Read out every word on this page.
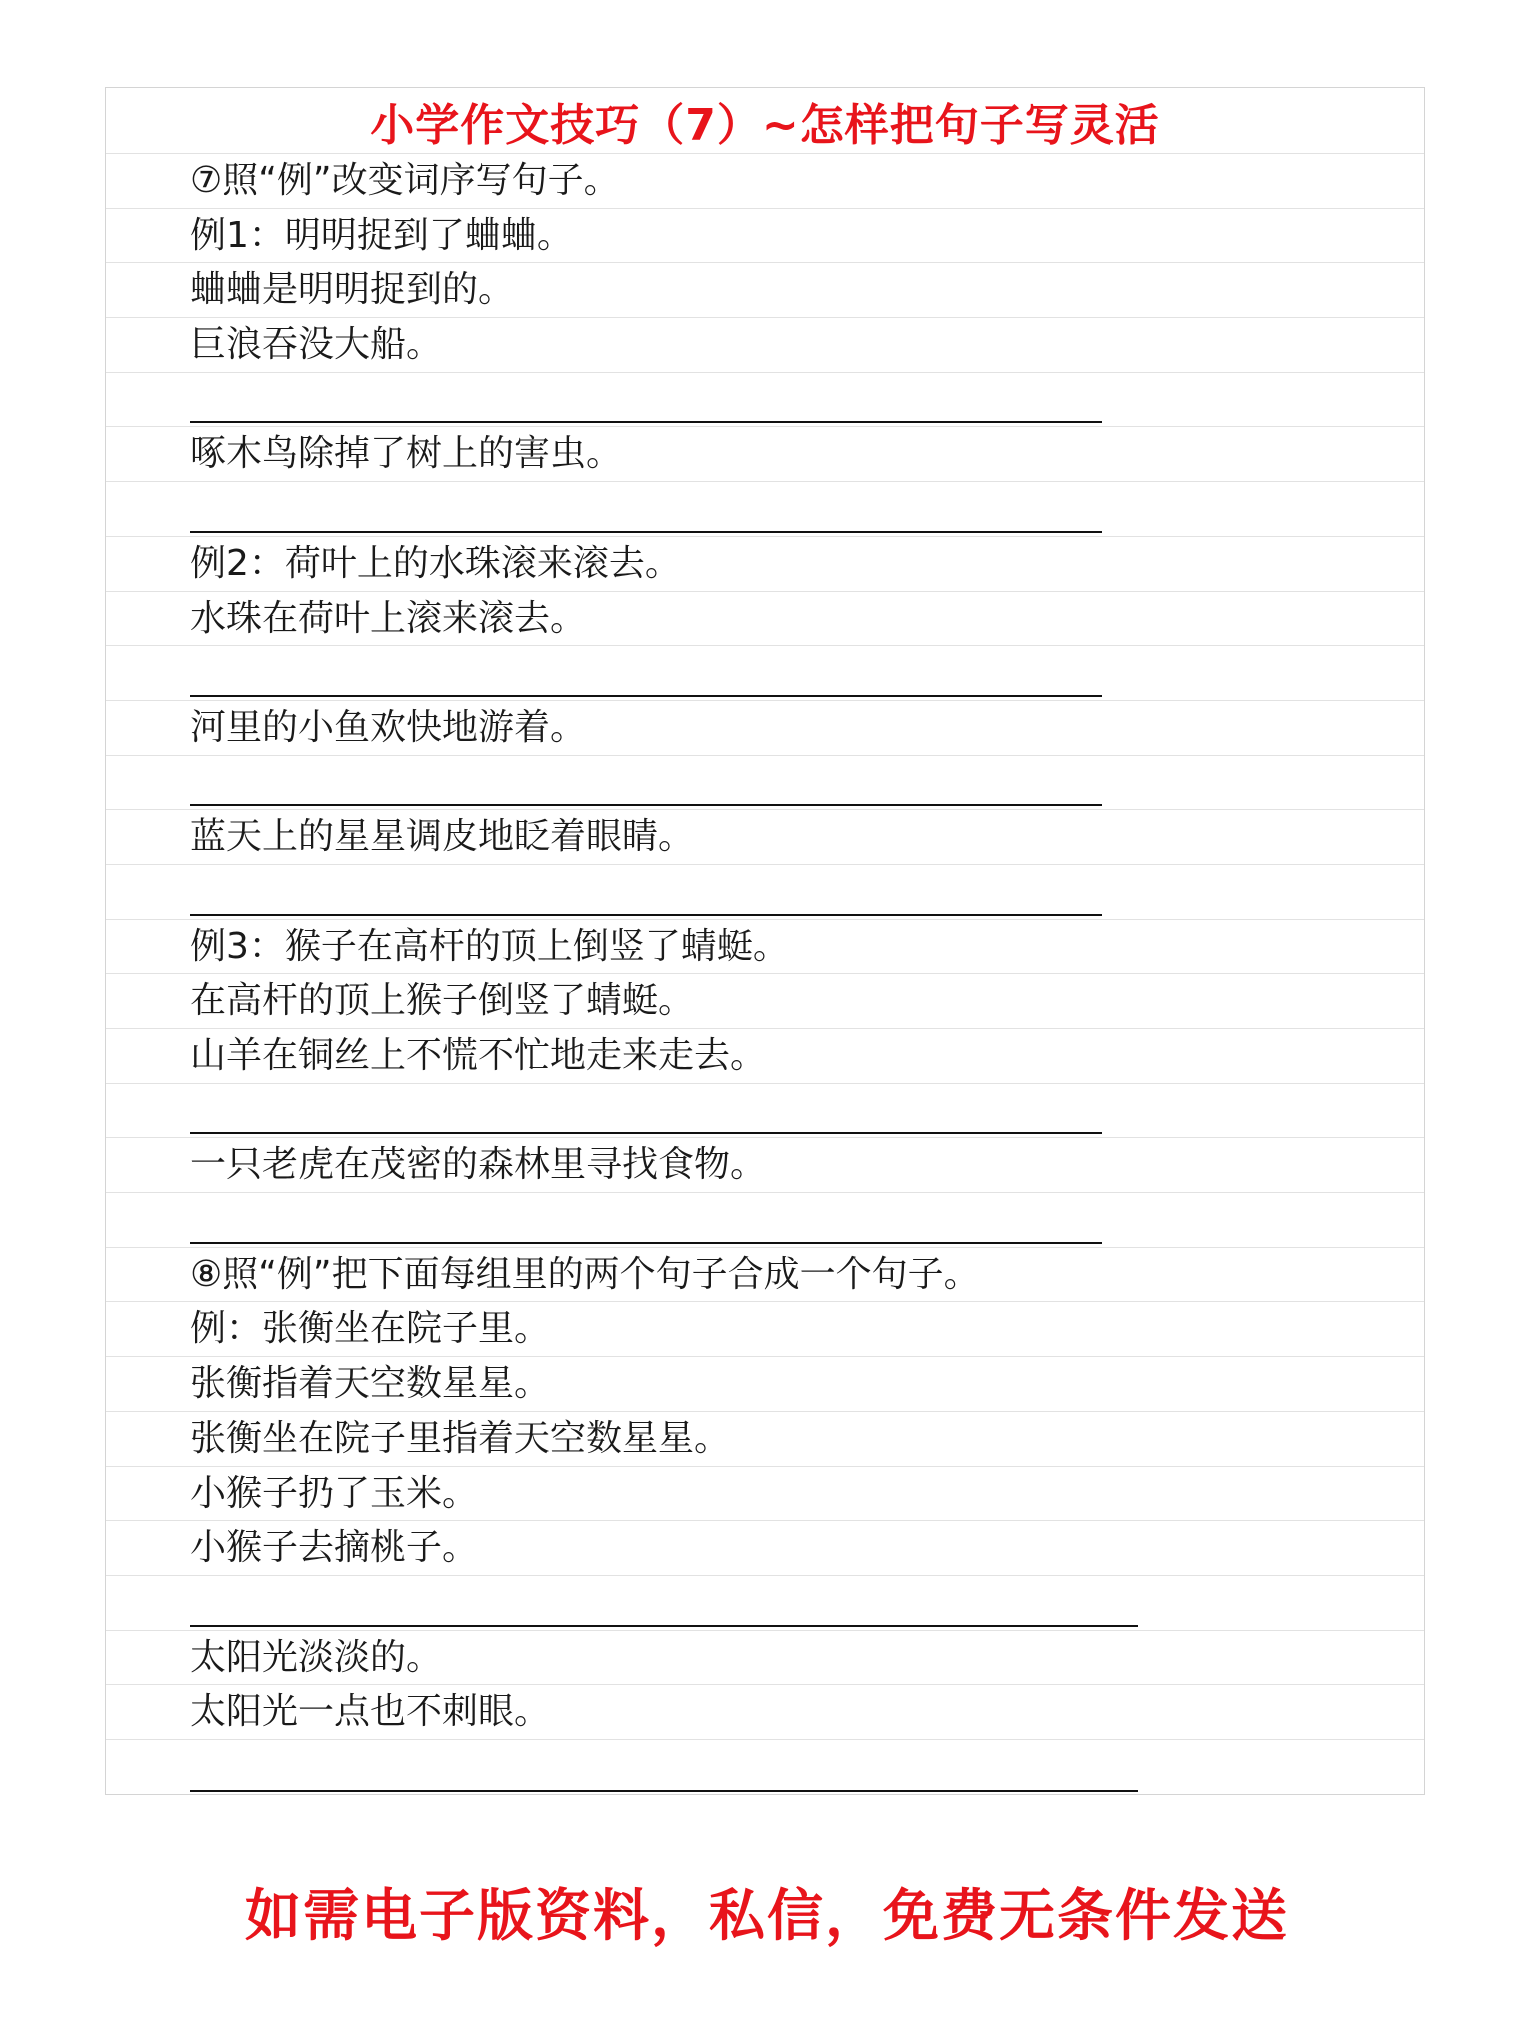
小学作文技巧（7）~怎样把句子写灵活
⑦照“例”改变词序写句子。
例1：明明捉到了蛐蛐。
蛐蛐是明明捉到的。
巨浪吞没大船。
啄木鸟除掉了树上的害虫。
例2：荷叶上的水珠滚来滚去。
水珠在荷叶上滚来滚去。
河里的小鱼欢快地游着。
蓝天上的星星调皮地眨着眼睛。
例3：猴子在高杆的顶上倒竖了蜻蜓。
在高杆的顶上猴子倒竖了蜻蜓。
山羊在铜丝上不慌不忙地走来走去。
一只老虎在茂密的森林里寻找食物。
⑧照“例”把下面每组里的两个句子合成一个句子。
例：张衡坐在院子里。
张衡指着天空数星星。
张衡坐在院子里指着天空数星星。
小猴子扔了玉米。
小猴子去摘桃子。
太阳光淡淡的。
太阳光一点也不刺眼。
如需电子版资料，私信，免费无条件发送
